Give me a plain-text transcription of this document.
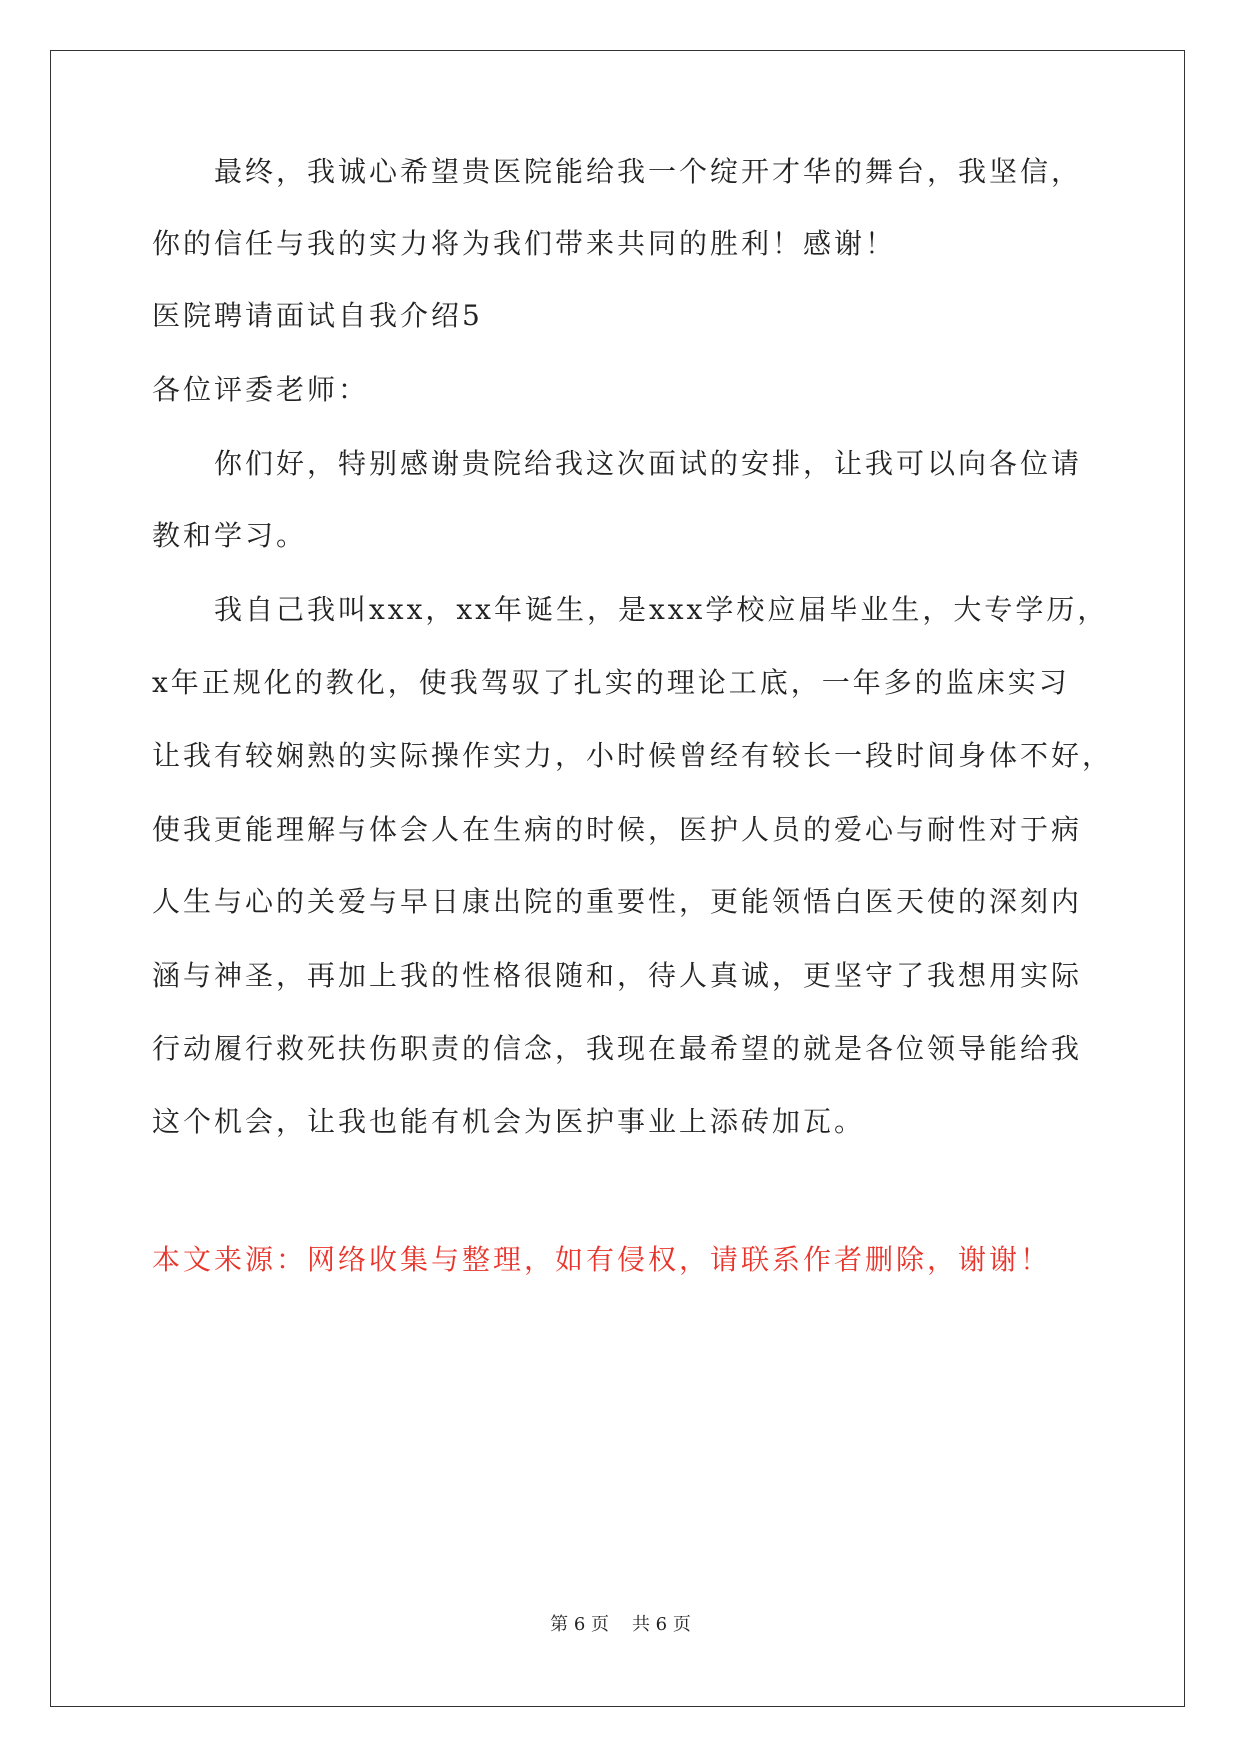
最终，我诚心希望贵医院能给我一个绽开才华的舞台，我坚信，
你的信任与我的实力将为我们带来共同的胜利！感谢！
医院聘请面试自我介绍5
各位评委老师：
你们好，特别感谢贵院给我这次面试的安排，让我可以向各位请
教和学习。
我自己我叫xxx，xx年诞生，是xxx学校应届毕业生，大专学历，
x年正规化的教化，使我驾驭了扎实的理论工底，一年多的监床实习
让我有较娴熟的实际操作实力，小时候曾经有较长一段时间身体不好，
使我更能理解与体会人在生病的时候，医护人员的爱心与耐性对于病
人生与心的关爱与早日康出院的重要性，更能领悟白医天使的深刻内
涵与神圣，再加上我的性格很随和，待人真诚，更坚守了我想用实际
行动履行救死扶伤职责的信念，我现在最希望的就是各位领导能给我
这个机会，让我也能有机会为医护事业上添砖加瓦。
本文来源：网络收集与整理，如有侵权，请联系作者删除，谢谢！
第 6 页    共 6 页
